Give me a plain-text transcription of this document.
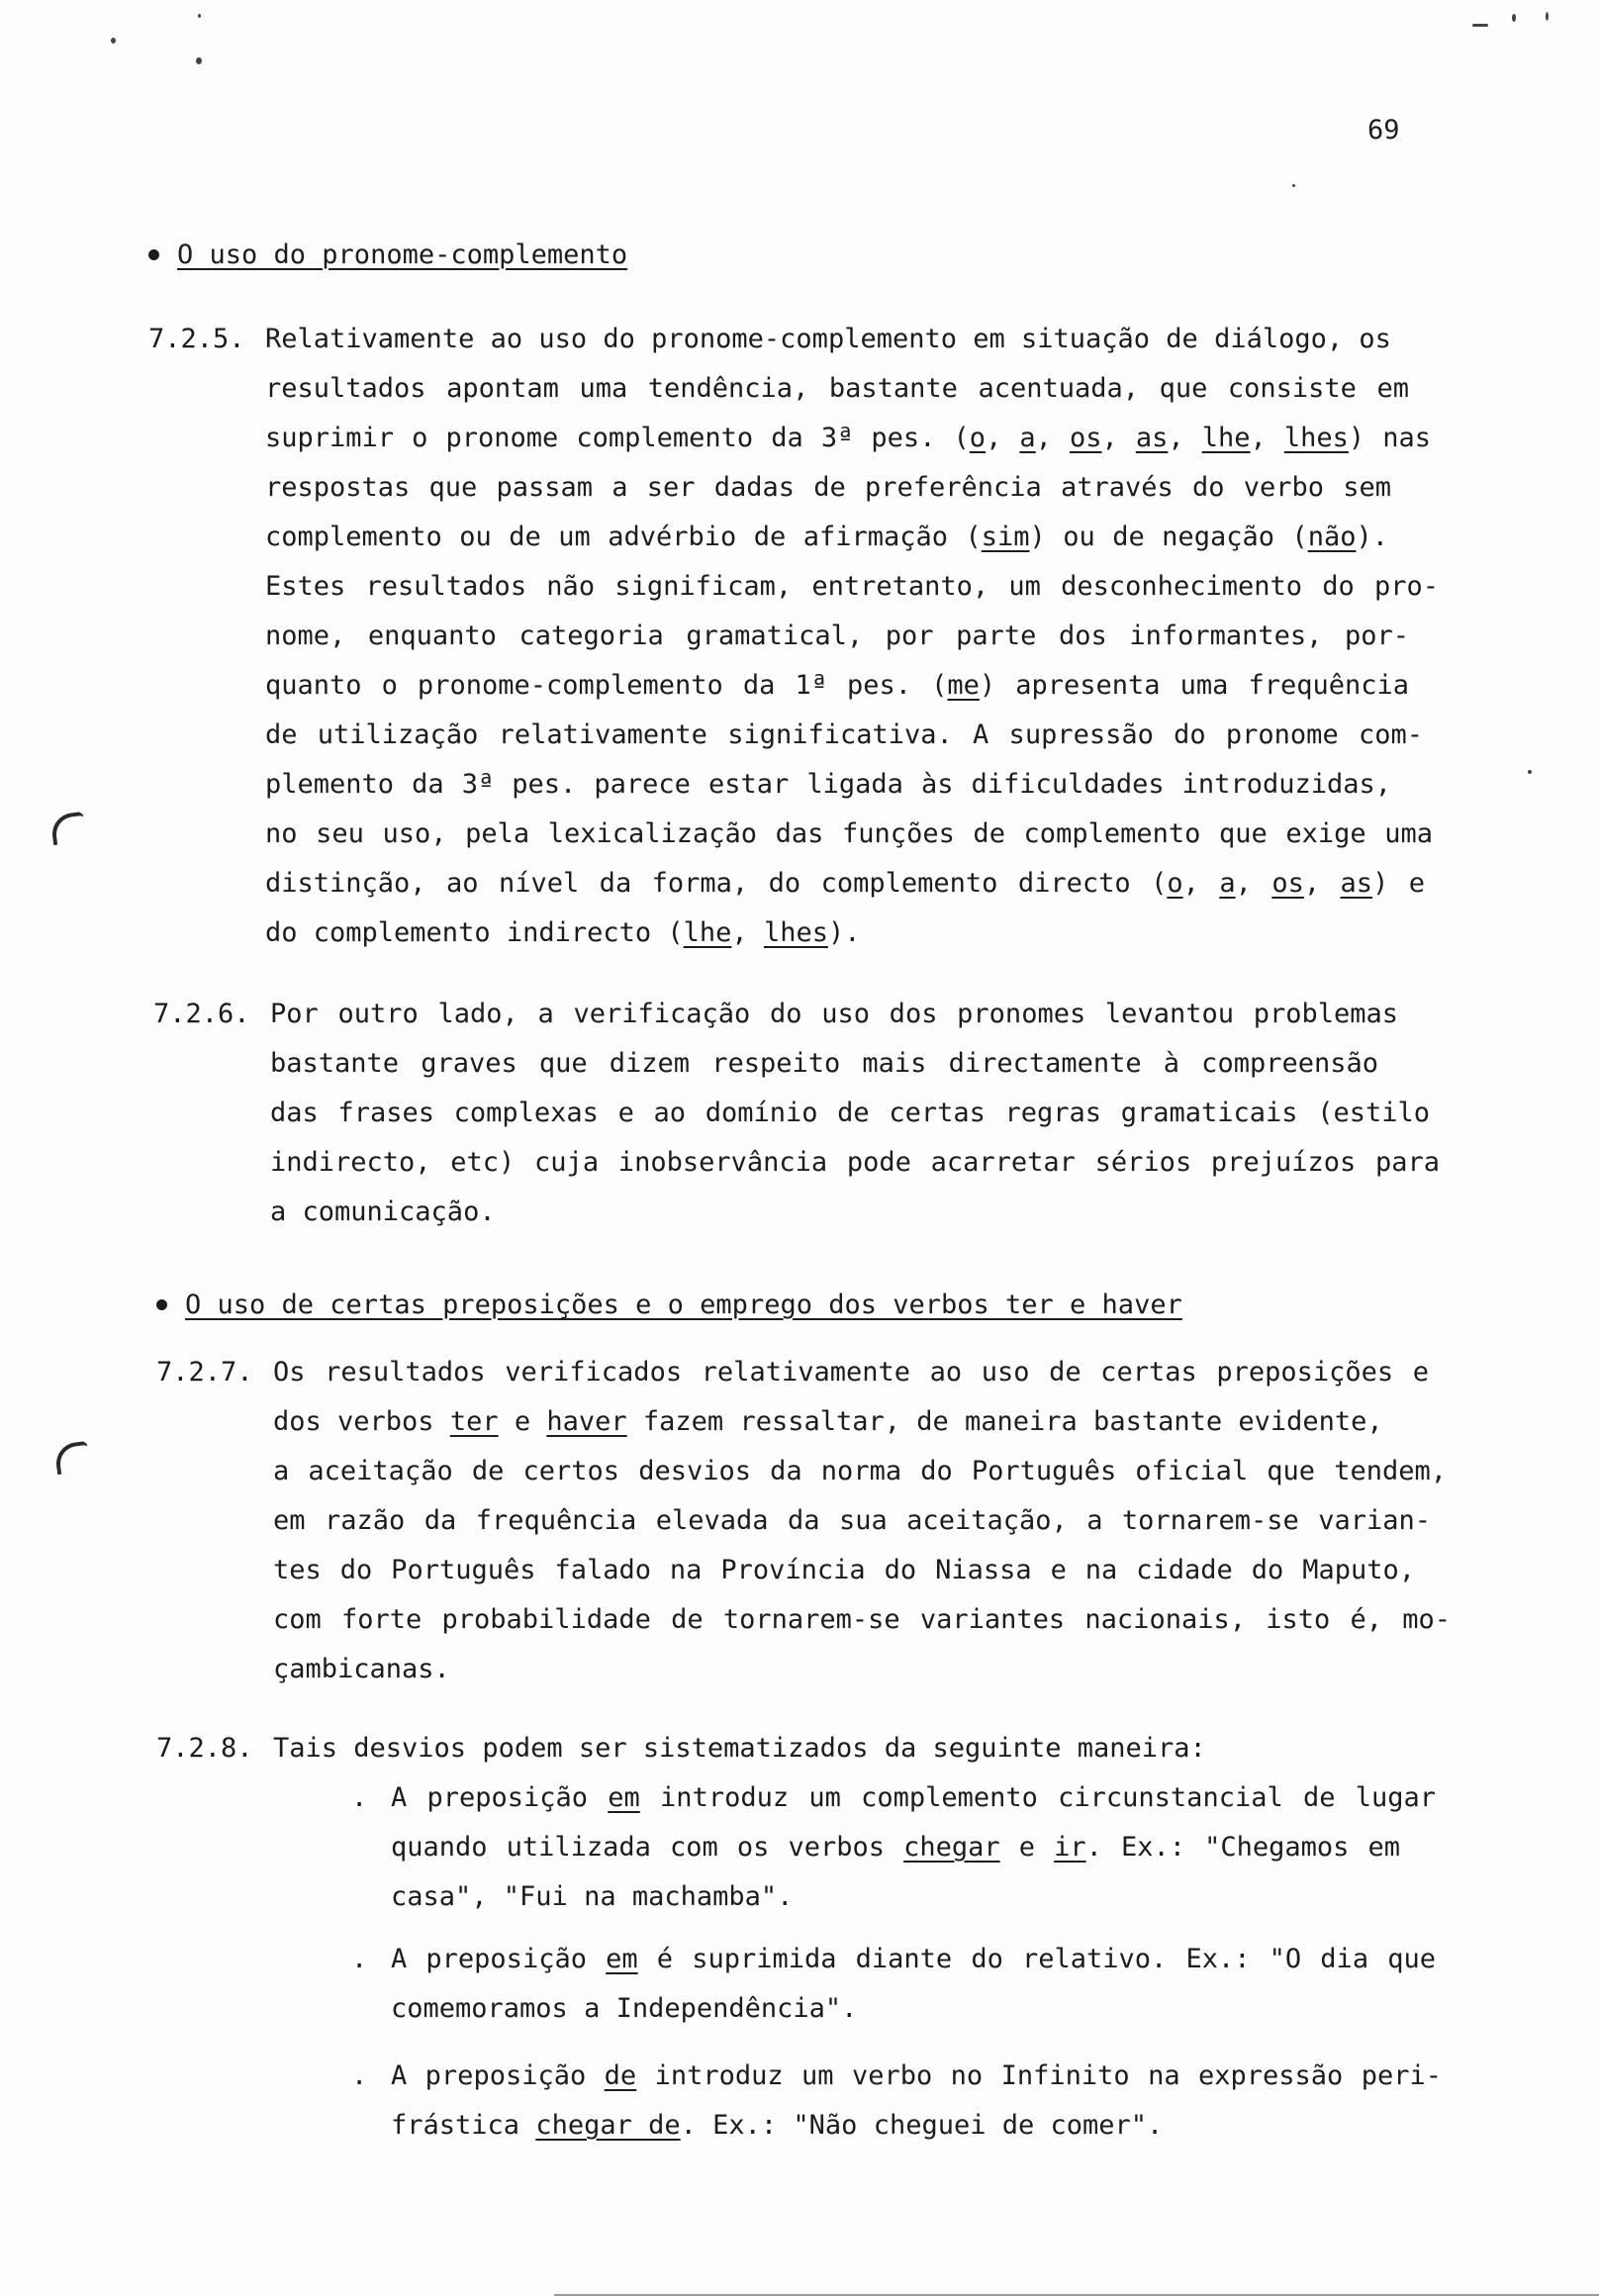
69
O uso do pronome-complemento
7.2.5. Relativamente ao uso do pronome-complemento em situação de diálogo, os
resultados apontam uma tendência, bastante acentuada, que consiste em
suprimir o pronome complemento da 3ª pes. (o, a, os, as, lhe, lhes) nas
respostas que passam a ser dadas de preferência através do verbo sem
complemento ou de um advérbio de afirmação (sim) ou de negação (não).
Estes resultados não significam, entretanto, um desconhecimento do pro-
nome, enquanto categoria gramatical, por parte dos informantes, por-
quanto o pronome-complemento da 1ª pes. (me) apresenta uma frequência
de utilização relativamente significativa. A supressão do pronome com-
plemento da 3ª pes. parece estar ligada às dificuldades introduzidas,
no seu uso, pela lexicalização das funções de complemento que exige uma
distinção, ao nível da forma, do complemento directo (o, a, os, as) e
do complemento indirecto (lhe, lhes).
7.2.6. Por outro lado, a verificação do uso dos pronomes levantou problemas
bastante graves que dizem respeito mais directamente à compreensão
das frases complexas e ao domínio de certas regras gramaticais (estilo
indirecto, etc) cuja inobservância pode acarretar sérios prejuízos para
a comunicação.
O uso de certas preposições e o emprego dos verbos ter e haver
7.2.7. Os resultados verificados relativamente ao uso de certas preposições e
dos verbos ter e haver fazem ressaltar, de maneira bastante evidente,
a aceitação de certos desvios da norma do Português oficial que tendem,
em razão da frequência elevada da sua aceitação, a tornarem-se varian-
tes do Português falado na Província do Niassa e na cidade do Maputo,
com forte probabilidade de tornarem-se variantes nacionais, isto é, mo-
çambicanas.
7.2.8. Tais desvios podem ser sistematizados da seguinte maneira:
. A preposição em introduz um complemento circunstancial de lugar
quando utilizada com os verbos chegar e ir. Ex.: "Chegamos em
casa", "Fui na machamba".
. A preposição em é suprimida diante do relativo. Ex.: "O dia que
comemoramos a Independência".
. A preposição de introduz um verbo no Infinito na expressão peri-
frástica chegar de. Ex.: "Não cheguei de comer".
